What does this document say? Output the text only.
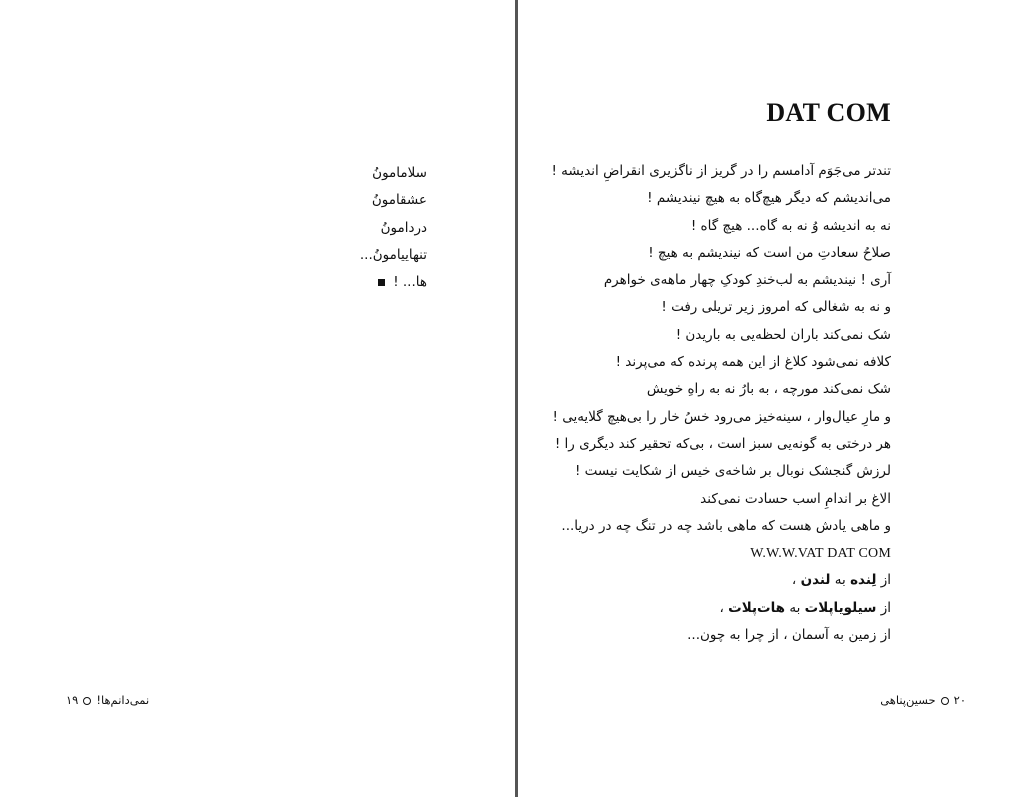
سلامامونُ
عشقامونُ
دردامونُ
تنهاییامونُ...
ها... !
نمی‌دانم‌ها!۱۹
DAT COM
تندتر می‌جَوَم آدامسم را در گریز از ناگزیری انقراضِ اندیشه !
می‌اندیشم که دیگر هیچ‌گاه به هیچ نیندیشم !
نه به اندیشه وُ نه به گاه... هیچ گاه !
صلاحُ سعادتِ من است که نیندیشم به هیچ !
آری ! نیندیشم به لب‌خندِ کودکِ چهار ماهه‌ی خواهرم
و نه به شغالی که امروز زیر تریلی رفت !
شک نمی‌کند باران لحظه‌یی به باریدن !
کلافه نمی‌شود کلاغ از این همه پرنده که می‌پرند !
شک نمی‌کند مورچه ، به بارُ نه به راهِ خویش
و مارِ عیال‌وار ، سینه‌خیز می‌رود خسُ خار را بی‌هیچ گلایه‌یی !
هر درختی به گونه‌یی سبز است ، بی‌که تحقیر کند دیگری را !
لرزش گنجشک نوبال بر شاخه‌ی خیس از شکایت نیست !
الاغ بر اندامِ اسب حسادت نمی‌کند
و ماهی یادش هست که ماهی باشد چه در تنگ چه در دریا...
W.W.W.VAT DAT COM
از لِنده به لندن ،
از سیلویاپلات به هات‌پلات ،
از زمین به آسمان ، از چرا به چون...
۲۰حسین‌پناهی
